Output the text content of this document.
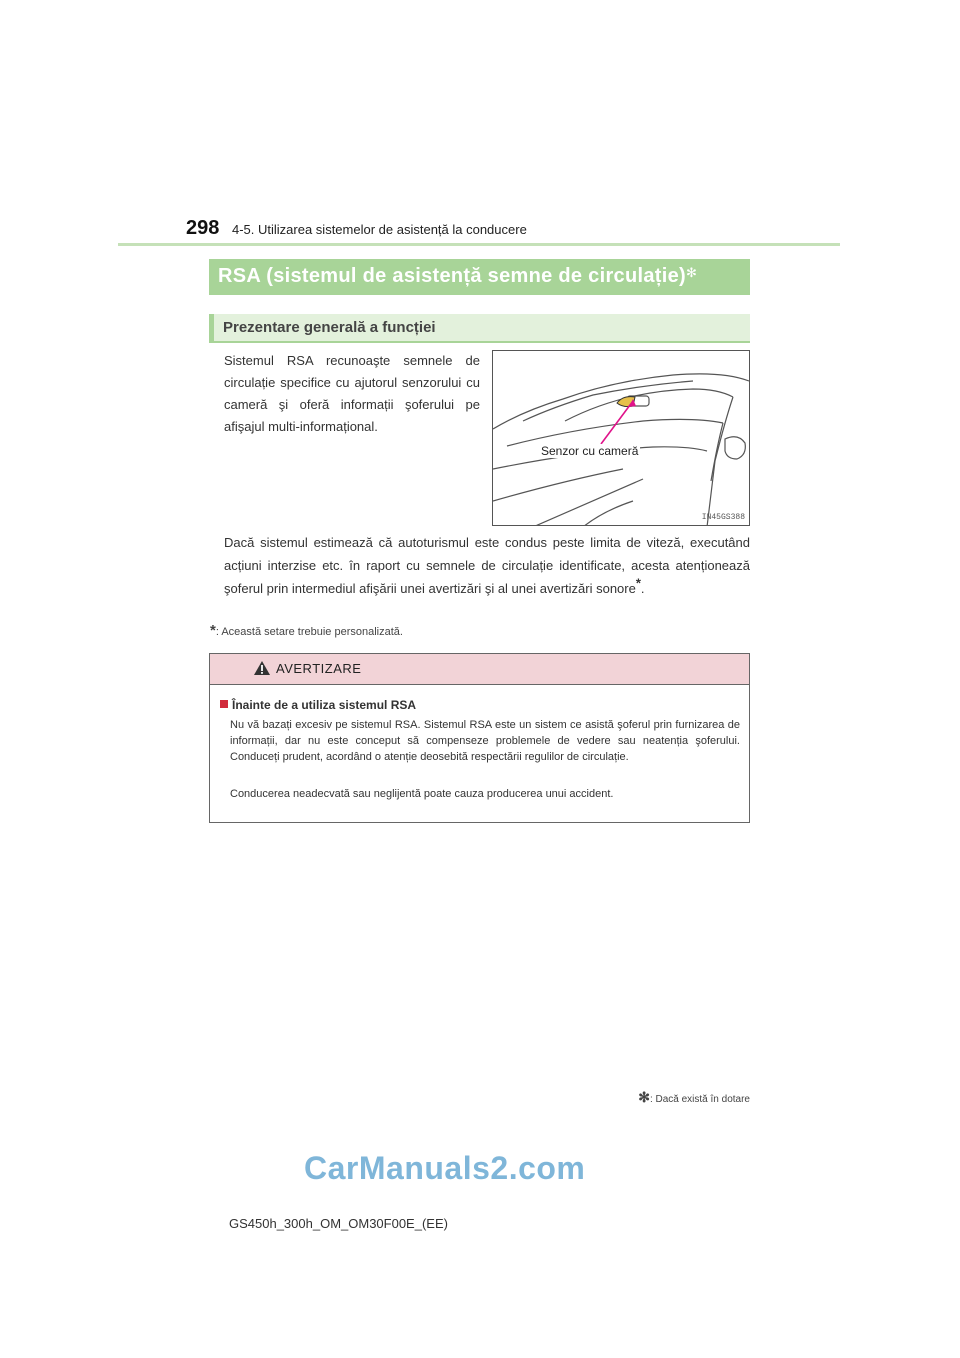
298 4-5. Utilizarea sistemelor de asistență la conducere
RSA (sistemul de asistență semne de circulație)✻
Prezentare generală a funcției
Sistemul RSA recunoaşte semnele de circulație specifice cu ajutorul senzorului cu cameră şi oferă informații şoferului pe afişajul multi-informațional.
Senzor cu cameră
IN45GS388
Dacă sistemul estimează că autoturismul este condus peste limita de viteză, executând acțiuni interzise etc. în raport cu semnele de circulație identificate, acesta atenționează şoferul prin intermediul afişării unei avertizări şi al unei avertizări sonore*.
*: Această setare trebuie personalizată.
AVERTIZARE
Înainte de a utiliza sistemul RSA
Nu vă bazați excesiv pe sistemul RSA. Sistemul RSA este un sistem ce asistă şoferul prin furnizarea de informații, dar nu este conceput să compenseze problemele de vedere sau neatenția şoferului. Conduceți prudent, acordând o atenție deosebită respectării regulilor de circulație.
Conducerea neadecvată sau neglijentă poate cauza producerea unui accident.
✻: Dacă există în dotare
CarManuals2.com
GS450h_300h_OM_OM30F00E_(EE)
